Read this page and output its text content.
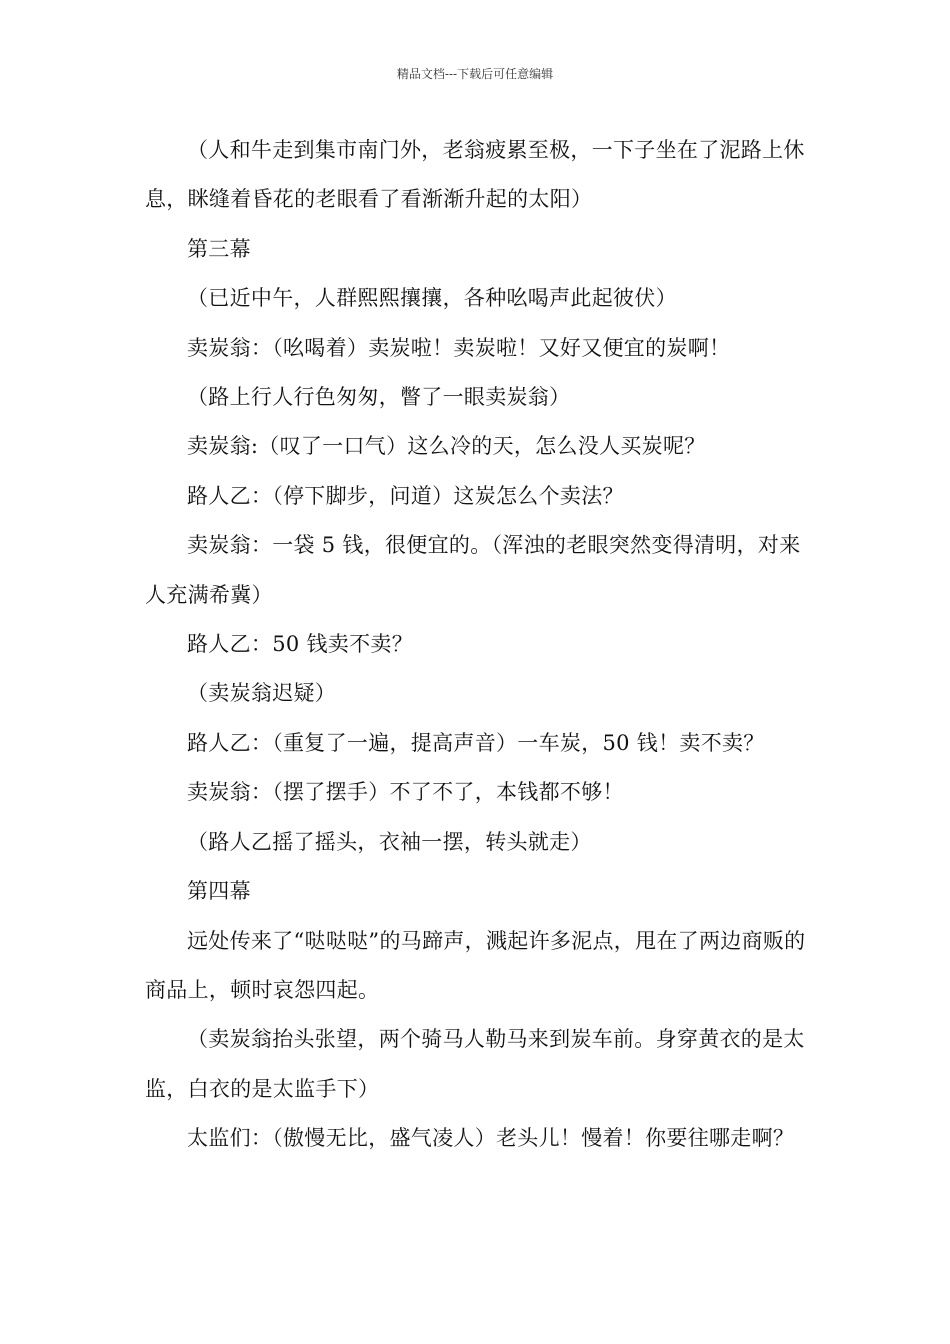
精品文档---下载后可任意编辑

（人和牛走到集市南门外，老翁疲累至极，一下子坐在了泥路上休息，眯缝着昏花的老眼看了看渐渐升起的太阳）

第三幕

（已近中午，人群熙熙攘攘，各种吆喝声此起彼伏）

卖炭翁：（吆喝着）卖炭啦！卖炭啦！又好又便宜的炭啊！

（路上行人行色匆匆，瞥了一眼卖炭翁）

卖炭翁:（叹了一口气）这么冷的天，怎么没人买炭呢？

路人乙：（停下脚步，问道）这炭怎么个卖法？

卖炭翁：一袋 5 钱，很便宜的。（浑浊的老眼突然变得清明，对来人充满希冀）

路人乙：50 钱卖不卖？

（卖炭翁迟疑）

路人乙：（重复了一遍，提高声音）一车炭，50 钱！卖不卖？

卖炭翁：（摆了摆手）不了不了，本钱都不够！

（路人乙摇了摇头，衣袖一摆，转头就走）

第四幕

远处传来了“哒哒哒”的马蹄声，溅起许多泥点，甩在了两边商贩的商品上，顿时哀怨四起。

（卖炭翁抬头张望，两个骑马人勒马来到炭车前。身穿黄衣的是太监，白衣的是太监手下）

太监们：（傲慢无比，盛气凌人）老头儿！慢着！你要往哪走啊？
